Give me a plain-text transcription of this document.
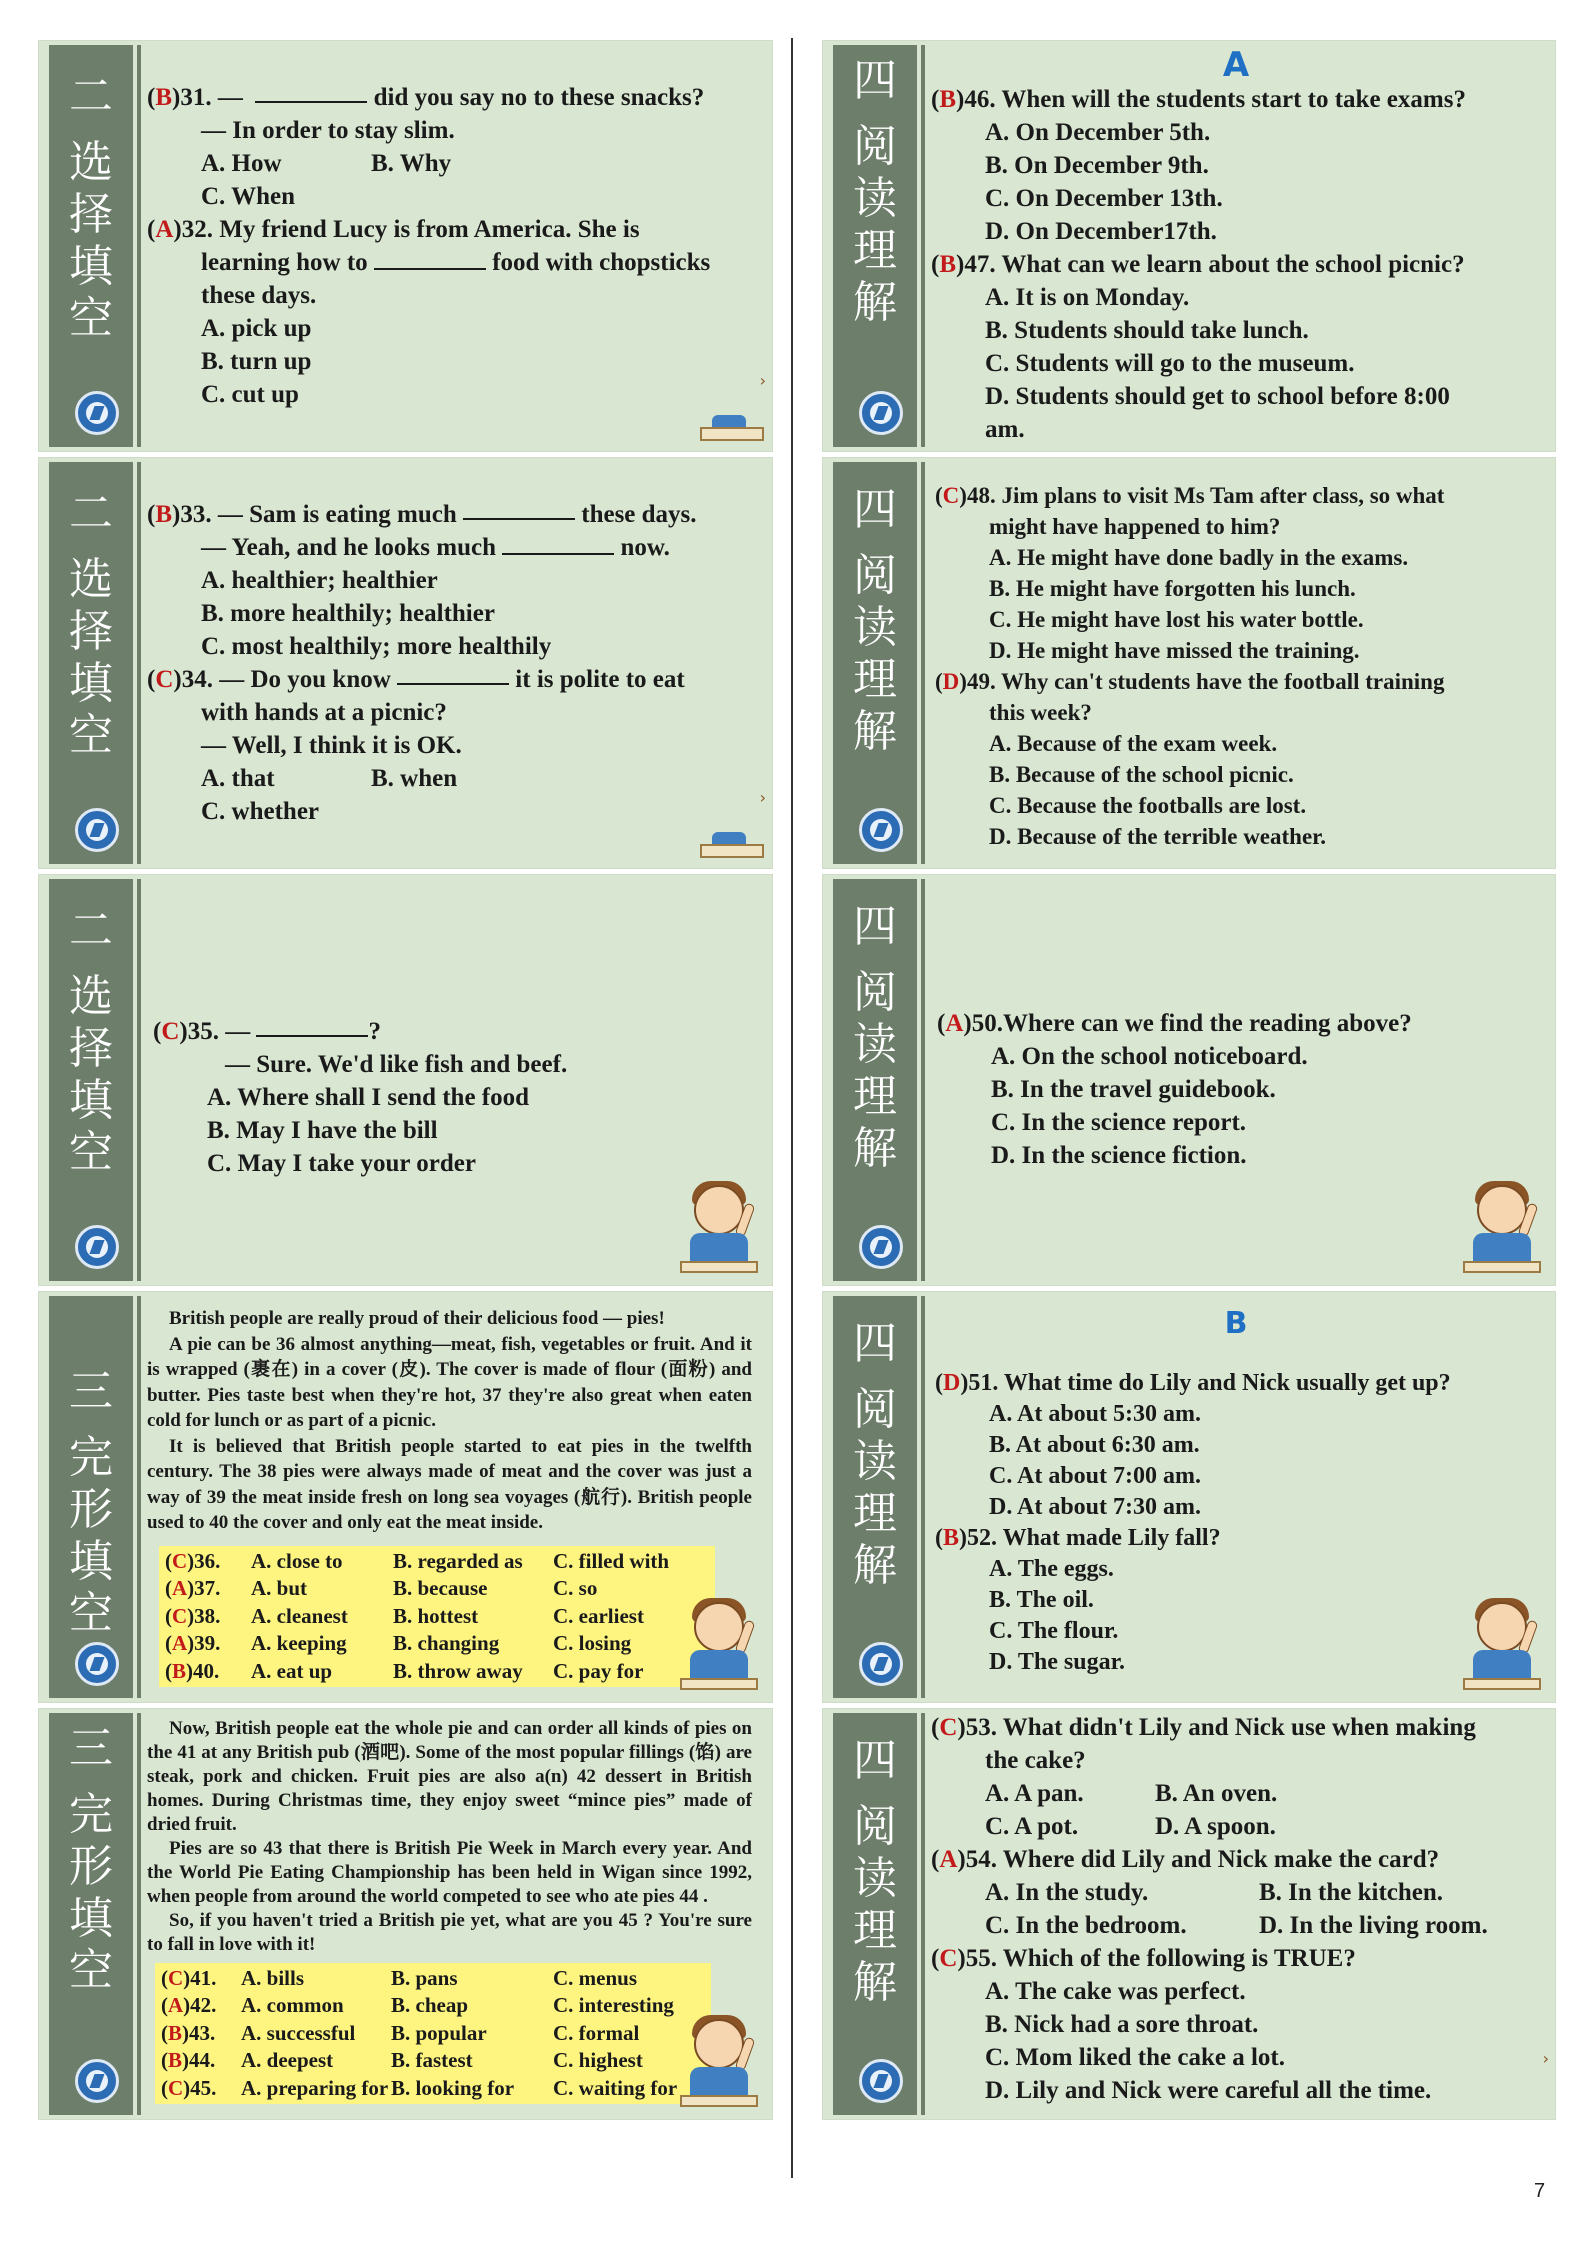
二
选
择
填
空
( B ) 31. —
	did you say no to these snacks?
— In order to stay slim.
A. How	B. Why
C. When
( A ) 32. My friend Lucy is from America. She is
learning how to	food with chopsticks
these days.
A. pick up
B. turn up
C. cut up
›
二
选
择
填
空
( B ) 33. — Sam is eating much	these days.
— Yeah, and he looks much	now.
A. healthier; healthier
B. more healthily; healthier
C. most healthily; more healthily
( C ) 34. — Do you know	it is polite to eat
with hands at a picnic?
— Well, I think it is OK.
A. that	B. when
C. whether
›
二
选
择
填
空
( C ) 35. —	?
— Sure. We'd like fish and beef.
A. Where shall I send the food
B. May I have the bill
C. May I take your order
三
完
形
填
空

British people are really proud of their delicious food — pies!

A pie can be 36 almost anything—meat, fish, vegetables or fruit. And it is wrapped (裹在) in a cover (皮). The cover is made of flour (面粉) and butter. Pies taste best when they're hot, 37 they're also great when eaten cold for lunch or as part of a picnic.

It is believed that British people started to eat pies in the twelfth century. The 38 pies were always made of meat and the cover was just a way of 39 the meat inside fresh on long sea voyages (航行). British people used to 40 the cover and only eat the meat inside.

( C ) 36. A. close to	B. regarded as	C. filled with
( A ) 37. A. but	B. because	C. so
( C ) 38. A. cleanest	B. hottest	C. earliest
( A ) 39. A. keeping	B. changing	C. losing
( B ) 40. A. eat up	B. throw away	C. pay for
三
完
形
填
空

Now, British people eat the whole pie and can order all kinds of pies on the 41 at any British pub (酒吧). Some of the most popular fillings (馅) are steak, pork and chicken. Fruit pies are also a(n) 42 dessert in British homes. During Christmas time, they enjoy sweet “mince pies” made of dried fruit.

Pies are so 43 that there is British Pie Week in March every year. And the World Pie Eating Championship has been held in Wigan since 1992, when people from around the world competed to see who ate pies 44 .

So, if you haven't tried a British pie yet, what are you 45 ? You're sure to fall in love with it!

( C ) 41. A. bills	B. pans	C. menus
( A ) 42. A. common	B. cheap	C. interesting
( B ) 43. A. successful	B. popular	C. formal
( B ) 44. A. deepest	B. fastest	C. highest
( C ) 45. A. preparing for B. looking for	C. waiting for
四
阅
读
理
解
A
( B ) 46. When will the students start to take exams?
A. On December 5th.
B. On December 9th.
C. On December 13th.
D. On December17th.
( B ) 47. What can we learn about the school picnic?
A. It is on Monday.
B. Students should take lunch.
C. Students will go to the museum.
D. Students should get to school before 8:00
am.
四
阅
读
理
解
( C ) 48. Jim plans to visit Ms Tam after class, so what
might have happened to him?
A. He might have done badly in the exams.
B. He might have forgotten his lunch.
C. He might have lost his water bottle.
D. He might have missed the training.
( D ) 49. Why can't students have the football training
this week?
A. Because of the exam week.
B. Because of the school picnic.
C. Because the footballs are lost.
D. Because of the terrible weather.
四
阅
读
理
解
( A ) 50. Where can we find the reading above?
A. On the school noticeboard.
B. In the travel guidebook.
C. In the science report.
D. In the science fiction.
四
阅
读
理
解
B
( D ) 51. What time do Lily and Nick usually get up?
A. At about 5:30 am.
B. At about 6:30 am.
C. At about 7:00 am.
D. At about 7:30 am.
( B ) 52. What made Lily fall?
A. The eggs.
B. The oil.
C. The flour.
D. The sugar.
四
阅
读
理
解
( C ) 53. What didn't Lily and Nick use when making
the cake?
A. A pan.	B. An oven.
C. A pot.	D. A spoon.
( A ) 54. Where did Lily and Nick make the card?
A. In the study.	B. In the kitchen.
C. In the bedroom.	D. In the living room.
( C ) 55. Which of the following is TRUE?
A. The cake was perfect.
B. Nick had a sore throat.
C. Mom liked the cake a lot.
D. Lily and Nick were careful all the time.
›
7
